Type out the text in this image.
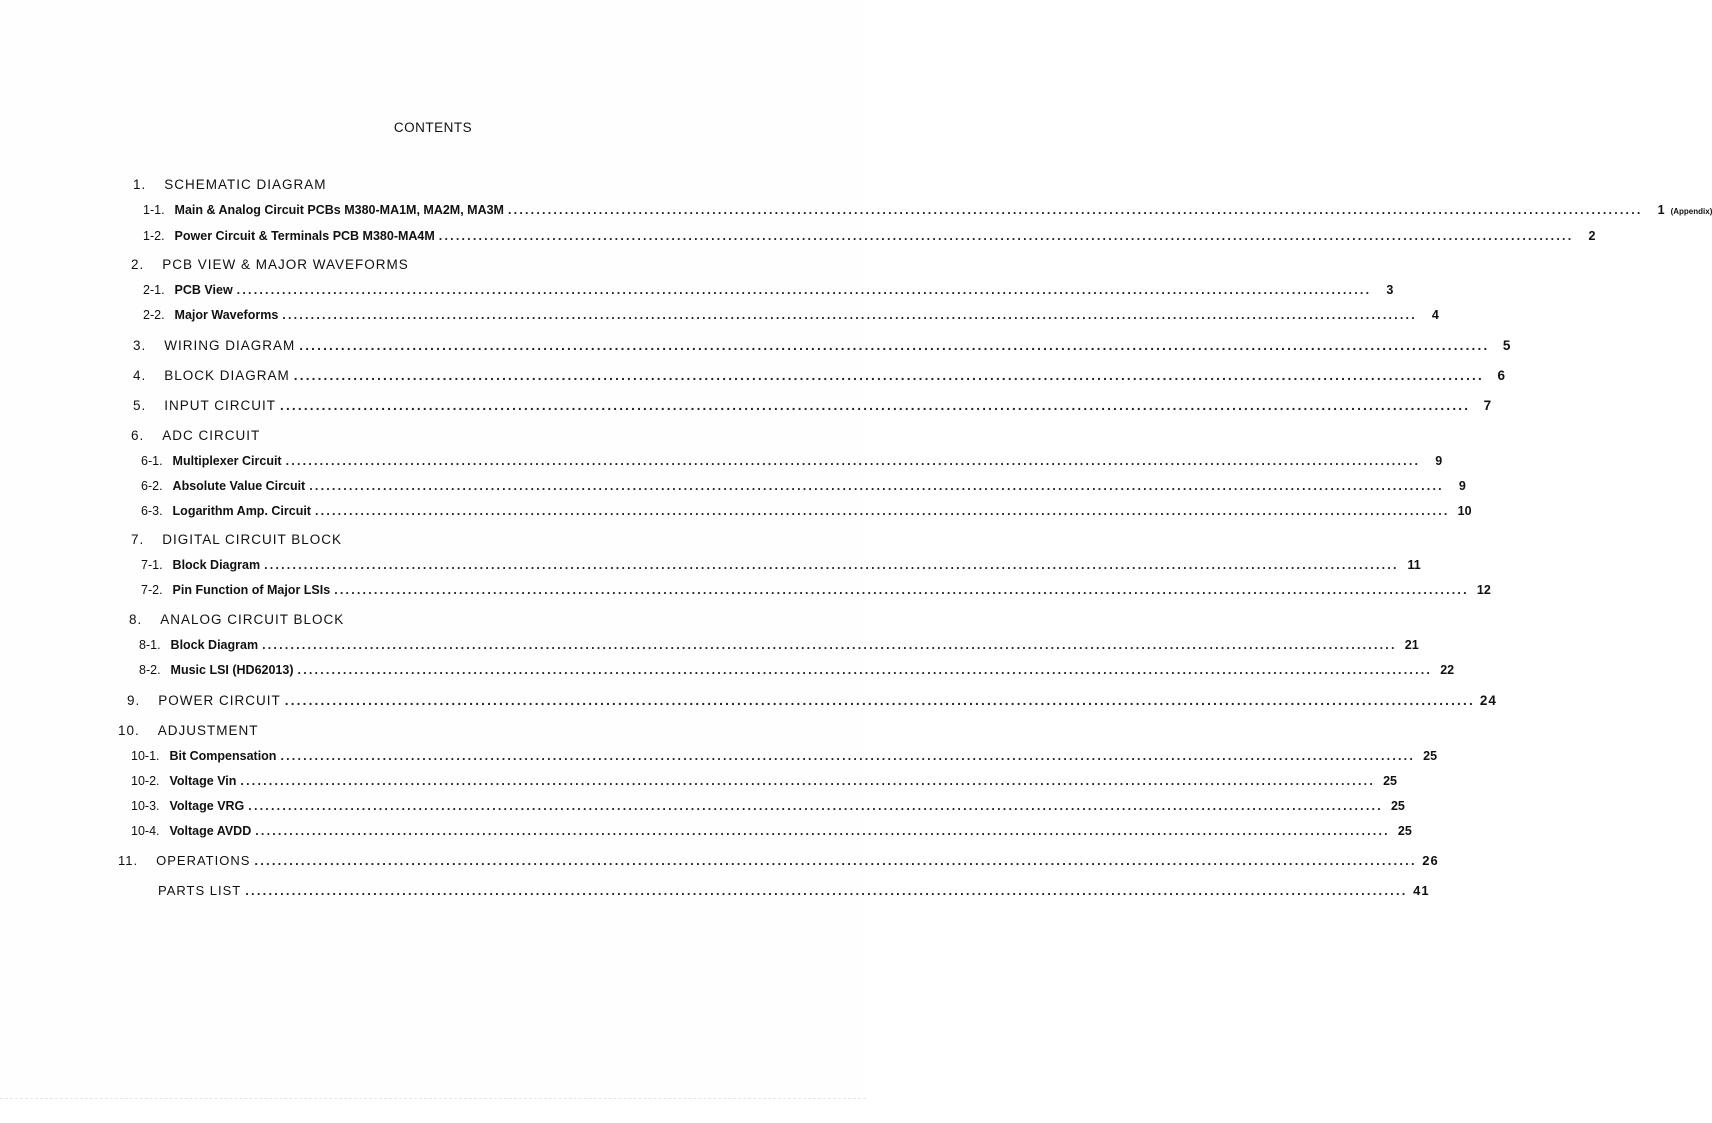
CONTENTS
1. SCHEMATIC DIAGRAM
1-1. Main & Analog Circuit PCBs M380-MA1M, MA2M, MA3M ........................................................................................................................................................................................................	1 (Appendix)
1-2. Power Circuit & Terminals PCB M380-MA4M ........................................................................................................................................................................................................	2
2. PCB VIEW & MAJOR WAVEFORMS
2-1. PCB View ........................................................................................................................................................................................................	3
2-2. Major Waveforms ........................................................................................................................................................................................................	4
3. WIRING DIAGRAM ........................................................................................................................................................................................................ 5
4. BLOCK DIAGRAM ........................................................................................................................................................................................................ 6
5. INPUT CIRCUIT ........................................................................................................................................................................................................ 7
6. ADC CIRCUIT
6-1. Multiplexer Circuit ........................................................................................................................................................................................................	9
6-2. Absolute Value Circuit ........................................................................................................................................................................................................	9
6-3. Logarithm Amp. Circuit ........................................................................................................................................................................................................ 10
7. DIGITAL CIRCUIT BLOCK
7-1. Block Diagram ........................................................................................................................................................................................................ 11
7-2. Pin Function of Major LSIs ........................................................................................................................................................................................................ 12
8. ANALOG CIRCUIT BLOCK
8-1. Block Diagram ........................................................................................................................................................................................................ 21
8-2. Music LSI (HD62013) ........................................................................................................................................................................................................ 22
9. POWER CIRCUIT ........................................................................................................................................................................................................ 24
10. ADJUSTMENT
10-1. Bit Compensation ........................................................................................................................................................................................................ 25
10-2. Voltage Vin ........................................................................................................................................................................................................ 25
10-3. Voltage VRG ........................................................................................................................................................................................................ 25
10-4. Voltage AVDD ........................................................................................................................................................................................................ 25
11. OPERATIONS ........................................................................................................................................................................................................ 26
PARTS LIST ........................................................................................................................................................................................................ 41
